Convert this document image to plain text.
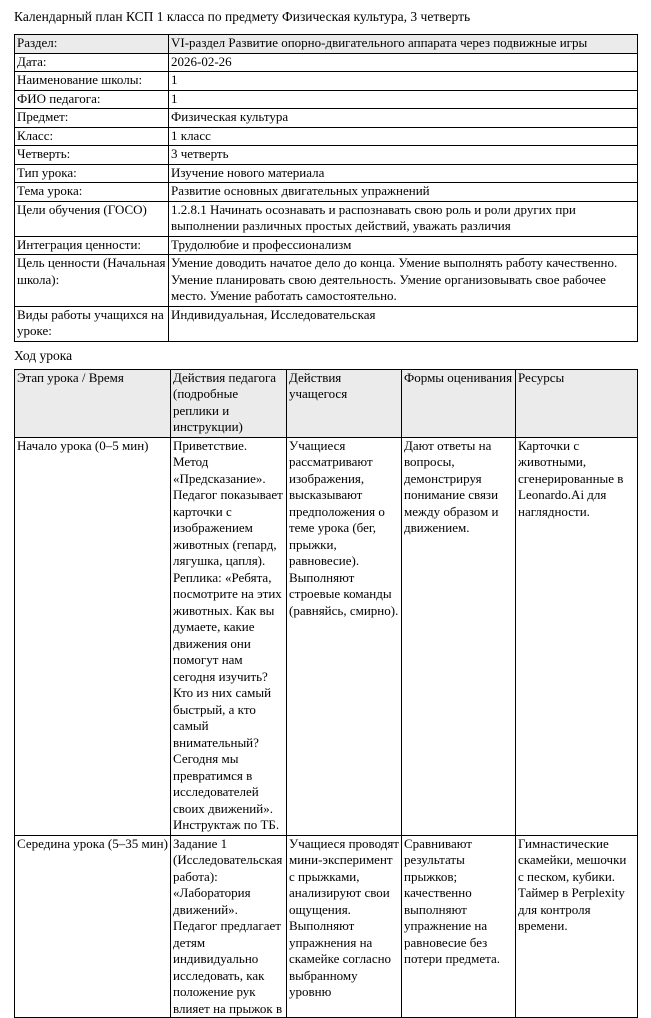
Календарный план КСП 1 класса по предмету Физическая культура, 3 четверть
Раздел:	VI-раздел Развитие опорно-двигательного аппарата через подвижные игры
Дата:	2026-02-26
Наименование школы:	1
ФИО педагога:	1
Предмет:	Физическая культура
Класс:	1 класс
Четверть:	3 четверть
Тип урока:	Изучение нового материала
Тема урока:	Развитие основных двигательных упражнений
Цели обучения (ГОСО)	1.2.8.1 Начинать осознавать и распознавать свою роль и роли других при выполнении различных простых действий, уважать различия
Интеграция ценности:	Трудолюбие и профессионализм
Цель ценности (Начальная школа):	Умение доводить начатое дело до конца. Умение выполнять работу качественно. Умение планировать свою деятельность. Умение организовывать свое рабочее место. Умение работать самостоятельно.
Виды работы учащихся на уроке:	Индивидуальная, Исследовательская
Ход урока
Этап урока / Время	Действия педагога (подробные реплики и инструкции)	Действия учащегося	Формы оценивания	Ресурсы
Начало урока (0–5 мин)	Приветствие. Метод «Предсказание». Педагог показывает карточки с изображением животных (гепард, лягушка, цапля). Реплика: «Ребята, посмотрите на этих животных. Как вы думаете, какие движения они помогут нам сегодня изучить? Кто из них самый быстрый, а кто самый внимательный? Сегодня мы превратимся в исследователей своих движений». Инструктаж по ТБ.	Учащиеся рассматривают изображения, высказывают предположения о теме урока (бег, прыжки, равновесие). Выполняют строевые команды (равняйсь, смирно).	Дают ответы на вопросы, демонстрируя понимание связи между образом и движением.	Карточки с животными, сгенерированные в Leonardo.Ai для наглядности.

Середина урока (5–35 мин)	Задание 1 (Исследовательская работа): «Лаборатория движений». Педагог предлагает детям индивидуально исследовать, как положение рук влияет на прыжок в	Учащиеся проводят мини-эксперимент с прыжками, анализируют свои ощущения. Выполняют упражнения на скамейке согласно выбранному уровню	Сравнивают результаты прыжков; качественно выполняют упражнение на равновесие без потери предмета.	Гимнастические скамейки, мешочки с песком, кубики. Таймер в Perplexity для контроля времени.
